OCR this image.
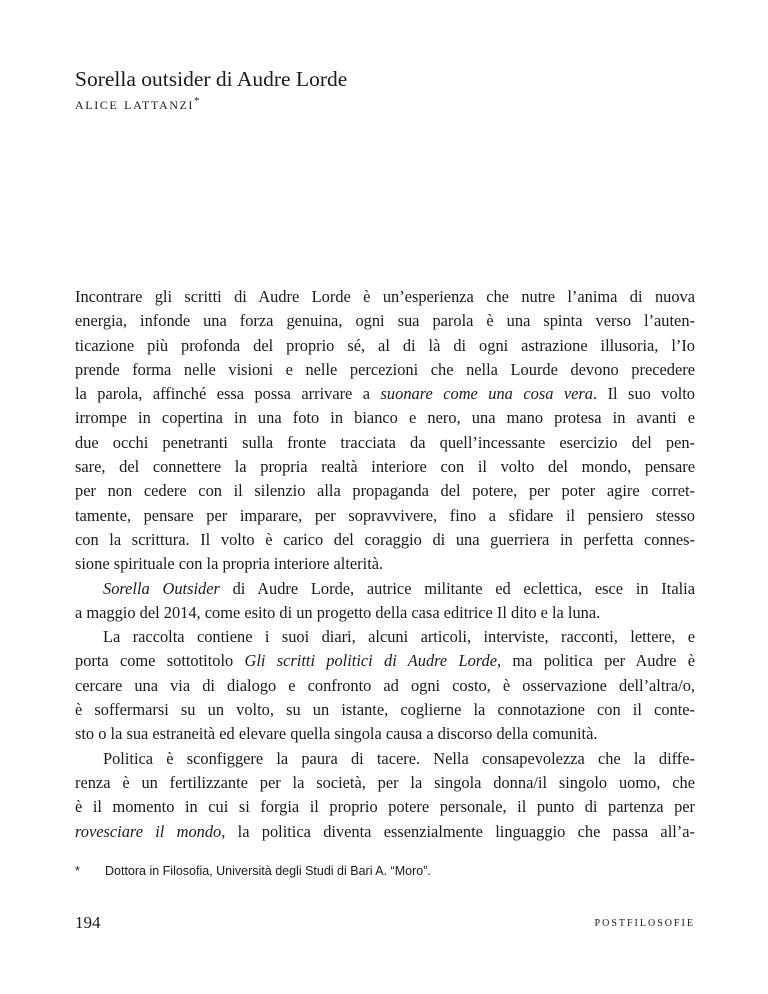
Sorella outsider di Audre Lorde
alice lattanzi*
Incontrare gli scritti di Audre Lorde è un’esperienza che nutre l’anima di nuova
energia, infonde una forza genuina, ogni sua parola è una spinta verso l’auten-
ticazione più profonda del proprio sé, al di là di ogni astrazione illusoria, l’Io
prende forma nelle visioni e nelle percezioni che nella Lourde devono precedere
la parola, affinché essa possa arrivare a suonare come una cosa vera. Il suo volto
irrompe in copertina in una foto in bianco e nero, una mano protesa in avanti e
due occhi penetranti sulla fronte tracciata da quell’incessante esercizio del pen-
sare, del connettere la propria realtà interiore con il volto del mondo, pensare
per non cedere con il silenzio alla propaganda del potere, per poter agire corret-
tamente, pensare per imparare, per sopravvivere, fino a sfidare il pensiero stesso
con la scrittura. Il volto è carico del coraggio di una guerriera in perfetta connes-
sione spirituale con la propria interiore alterità.
Sorella Outsider di Audre Lorde, autrice militante ed eclettica, esce in Italia
a maggio del 2014, come esito di un progetto della casa editrice Il dito e la luna.
La raccolta contiene i suoi diari, alcuni articoli, interviste, racconti, lettere, e
porta come sottotitolo Gli scritti politici di Audre Lorde, ma politica per Audre è
cercare una via di dialogo e confronto ad ogni costo, è osservazione dell’altra/o,
è soffermarsi su un volto, su un istante, coglierne la connotazione con il conte-
sto o la sua estraneità ed elevare quella singola causa a discorso della comunità.
Politica è sconfiggere la paura di tacere. Nella consapevolezza che la diffe-
renza è un fertilizzante per la società, per la singola donna/il singolo uomo, che
è il momento in cui si forgia il proprio potere personale, il punto di partenza per
rovesciare il mondo, la politica diventa essenzialmente linguaggio che passa all’a-
* Dottora in Filosofia, Università degli Studi di Bari A. “Moro”.
194	postfilosofie
